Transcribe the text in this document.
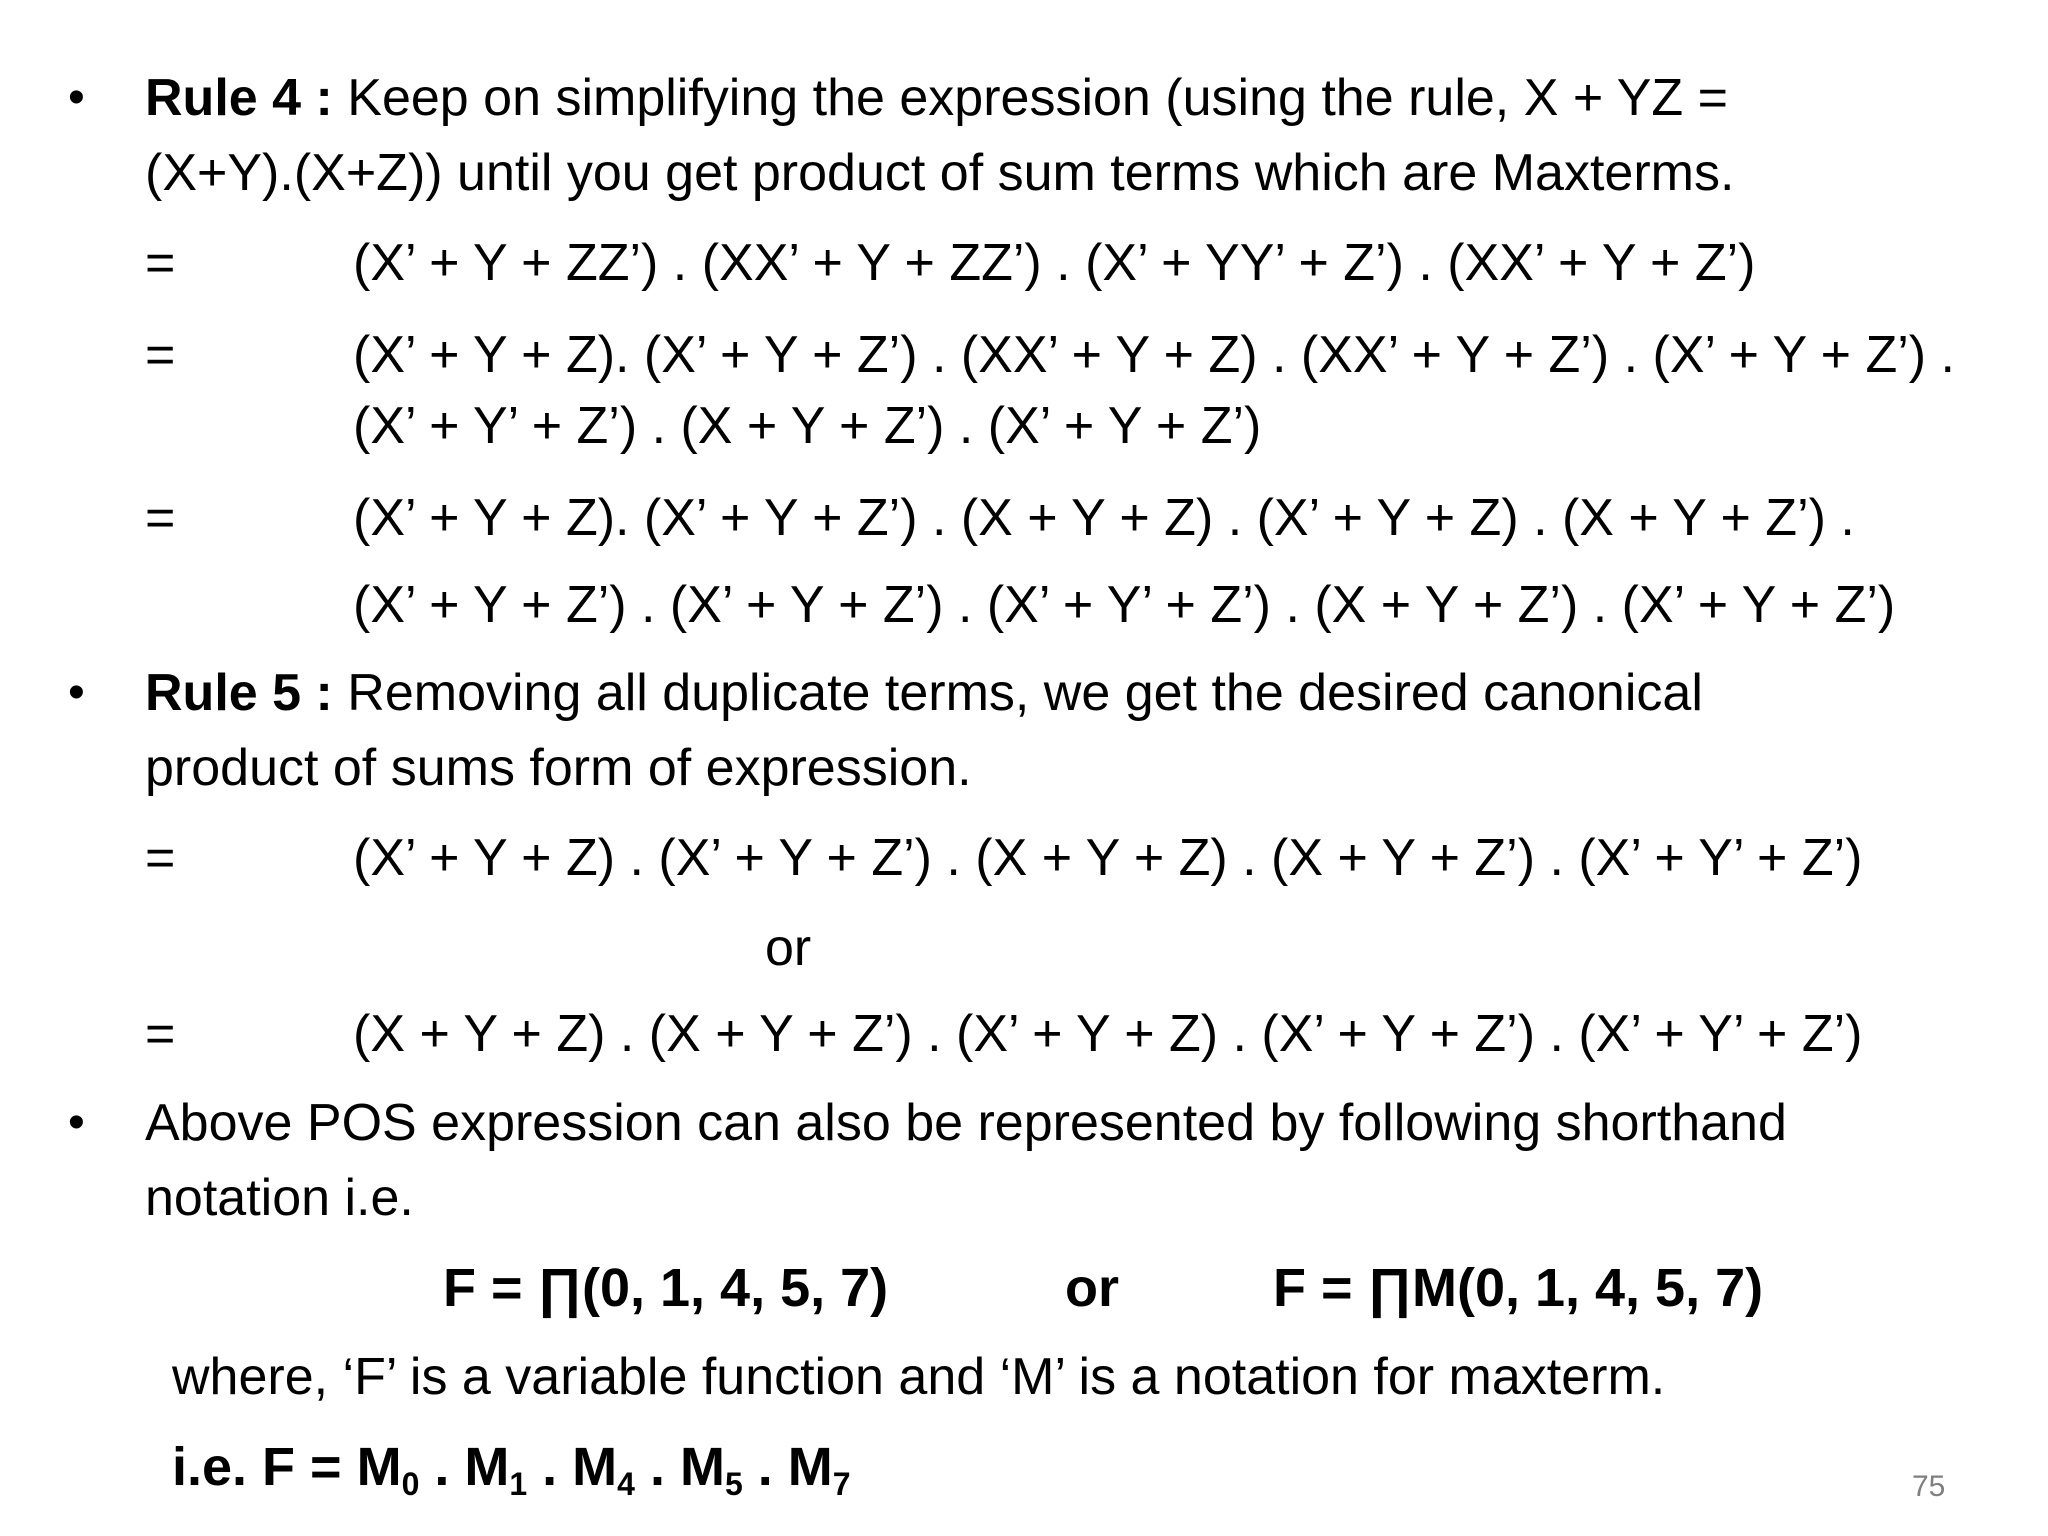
• Rule 4 : Keep on simplifying the expression (using the rule, X + YZ =
(X+Y).(X+Z)) until you get product of sum terms which are Maxterms.
=	(X’ + Y + ZZ’) . (XX’ + Y + ZZ’) . (X’ + YY’ + Z’) . (XX’ + Y + Z’)
=	(X’ + Y + Z). (X’ + Y + Z’) . (XX’ + Y + Z) . (XX’ + Y + Z’) . (X’ + Y + Z’) .
(X’ + Y’ + Z’) . (X + Y + Z’) . (X’ + Y + Z’)
=	(X’ + Y + Z). (X’ + Y + Z’) . (X + Y + Z) . (X’ + Y + Z) . (X + Y + Z’) .
(X’ + Y + Z’) . (X’ + Y + Z’) . (X’ + Y’ + Z’) . (X + Y + Z’) . (X’ + Y + Z’)
• Rule 5 : Removing all duplicate terms, we get the desired canonical
product of sums form of expression.
=	(X’ + Y + Z) . (X’ + Y + Z’) . (X + Y + Z) . (X + Y + Z’) . (X’ + Y’ + Z’)
or
=	(X + Y + Z) . (X + Y + Z’) . (X’ + Y + Z) . (X’ + Y + Z’) . (X’ + Y’ + Z’)
• Above POS expression can also be represented by following shorthand
notation i.e.
F = ∏(0, 1, 4, 5, 7)	or	F = ∏M(0, 1, 4, 5, 7)
where, ‘F’ is a variable function and ‘M’ is a notation for maxterm.
i.e. $F = M_0$ . $M_1$ . $M_4$ . $M_5$ . $M_7$	75
